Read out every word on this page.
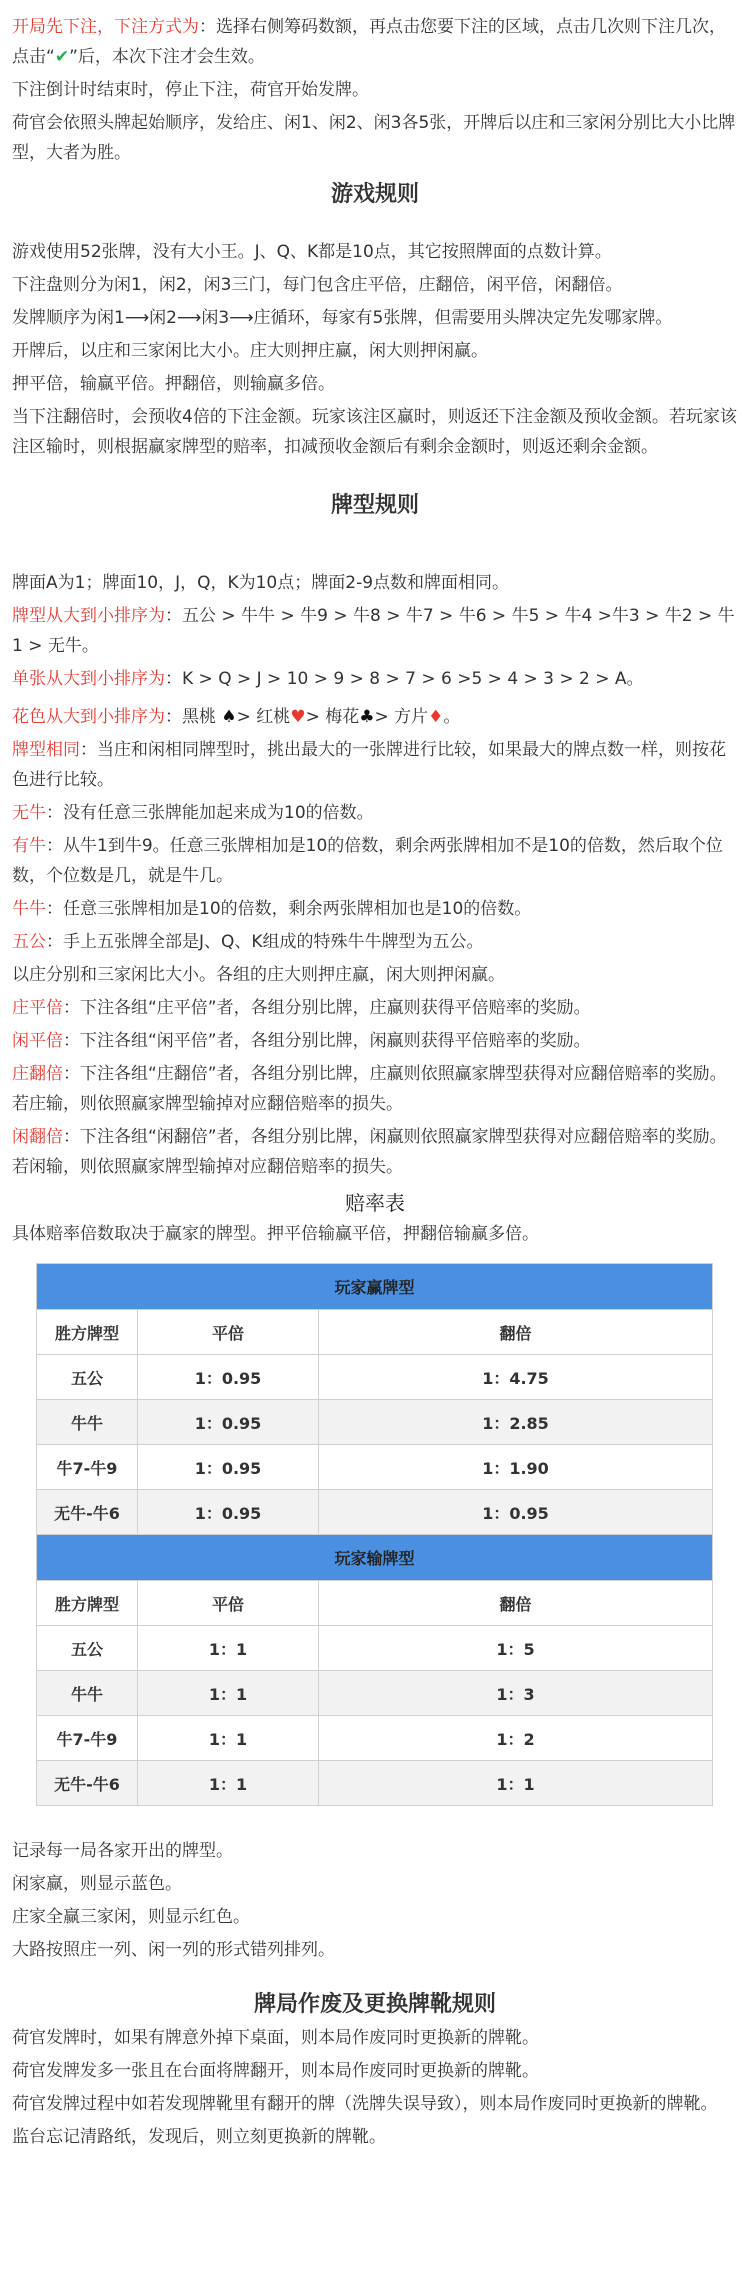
开局先下注，下注方式为：选择右侧筹码数额，再点击您要下注的区域，点击几次则下注几次，点击“✔”后，本次下注才会生效。

下注倒计时结束时，停止下注，荷官开始发牌。

荷官会依照头牌起始顺序，发给庄、闲1、闲2、闲3各5张，开牌后以庄和三家闲分别比大小比牌型，大者为胜。

游戏规则

游戏使用52张牌，没有大小王。J、Q、K都是10点，其它按照牌面的点数计算。

下注盘则分为闲1，闲2，闲3三门，每门包含庄平倍，庄翻倍，闲平倍，闲翻倍。

发牌顺序为闲1⟶闲2⟶闲3⟶庄循环，每家有5张牌，但需要用头牌决定先发哪家牌。

开牌后，以庄和三家闲比大小。庄大则押庄赢，闲大则押闲赢。

押平倍，输赢平倍。押翻倍，则输赢多倍。

当下注翻倍时，会预收4倍的下注金额。玩家该注区赢时，则返还下注金额及预收金额。若玩家该注区输时，则根据赢家牌型的赔率，扣减预收金额后有剩余金额时，则返还剩余金额。

牌型规则

牌面A为1；牌面10，J，Q，K为10点；牌面2-9点数和牌面相同。

牌型从大到小排序为：五公 > 牛牛 > 牛9 > 牛8 > 牛7 > 牛6 > 牛5 > 牛4 >牛3 > 牛2 > 牛1 > 无牛。

单张从大到小排序为：K > Q > J > 10 > 9 > 8 > 7 > 6 >5 > 4 > 3 > 2 > A。

花色从大到小排序为：黑桃 ♠> 红桃♥> 梅花♣> 方片♦。

牌型相同：当庄和闲相同牌型时，挑出最大的一张牌进行比较，如果最大的牌点数一样，则按花色进行比较。

无牛：没有任意三张牌能加起来成为10的倍数。

有牛：从牛1到牛9。任意三张牌相加是10的倍数，剩余两张牌相加不是10的倍数，然后取个位数，个位数是几，就是牛几。

牛牛：任意三张牌相加是10的倍数，剩余两张牌相加也是10的倍数。

五公：手上五张牌全部是J、Q、K组成的特殊牛牛牌型为五公。

以庄分别和三家闲比大小。各组的庄大则押庄赢，闲大则押闲赢。

庄平倍：下注各组“庄平倍”者，各组分别比牌，庄赢则获得平倍赔率的奖励。

闲平倍：下注各组“闲平倍”者，各组分别比牌，闲赢则获得平倍赔率的奖励。

庄翻倍：下注各组“庄翻倍”者，各组分别比牌，庄赢则依照赢家牌型获得对应翻倍赔率的奖励。若庄输，则依照赢家牌型输掉对应翻倍赔率的损失。

闲翻倍：下注各组“闲翻倍”者，各组分别比牌，闲赢则依照赢家牌型获得对应翻倍赔率的奖励。若闲输，则依照赢家牌型输掉对应翻倍赔率的损失。

赔率表

具体赔率倍数取决于赢家的牌型。押平倍输赢平倍，押翻倍输赢多倍。

玩家赢牌型		
胜方牌型	平倍	翻倍
五公	1：0.95	1：4.75
牛牛	1：0.95	1：2.85
牛7-牛9	1：0.95	1：1.90
无牛-牛6	1：0.95	1：0.95
玩家输牌型		
胜方牌型	平倍	翻倍
五公	1：1	1：5
牛牛	1：1	1：3
牛7-牛9	1：1	1：2
无牛-牛6	1：1	1：1

记录每一局各家开出的牌型。

闲家赢，则显示蓝色。

庄家全赢三家闲，则显示红色。

大路按照庄一列、闲一列的形式错列排列。

牌局作废及更换牌靴规则

荷官发牌时，如果有牌意外掉下桌面，则本局作废同时更换新的牌靴。

荷官发牌发多一张且在台面将牌翻开，则本局作废同时更换新的牌靴。

荷官发牌过程中如若发现牌靴里有翻开的牌（洗牌失误导致），则本局作废同时更换新的牌靴。

监台忘记清路纸，发现后，则立刻更换新的牌靴。
